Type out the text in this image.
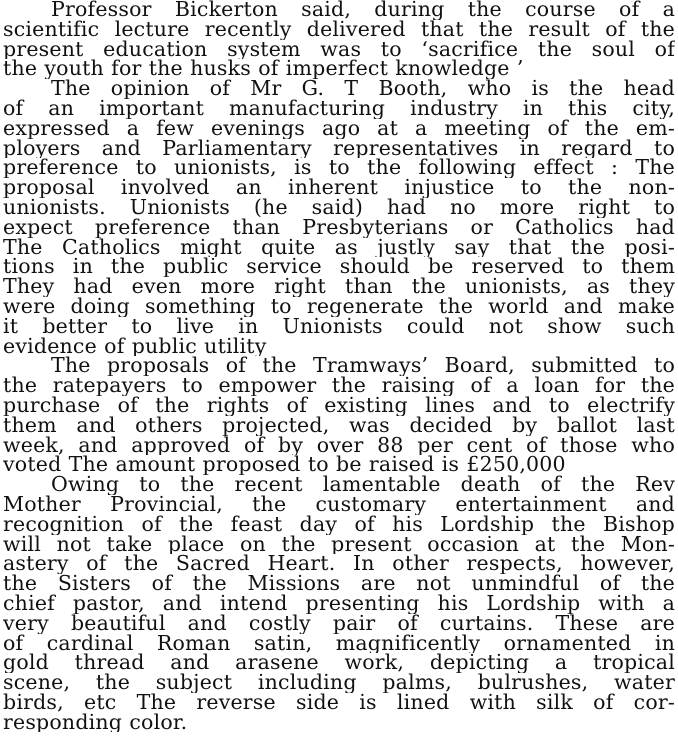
Professor Bickerton said, during the course of a
scientific lecture recently delivered that the result of the
present education system was to ‘sacrifice the soul of
the youth for the husks of imperfect knowledge ’
The opinion of Mr G. T Booth, who is the head
of an important manufacturing industry in this city,
expressed a few evenings ago at a meeting of the em-
ployers and Parliamentary representatives in regard to
preference to unionists, is to the following effect : The
proposal involved an inherent injustice to the non-
unionists. Unionists (he said) had no more right to
expect preference than Presbyterians or Catholics had
The Catholics might quite as justly say that the posi-
tions in the public service should be reserved to them
They had even more right than the unionists, as they
were doing something to regenerate the world and make
it better to live in Unionists could not show such
evidence of public utility
The proposals of the Tramways’ Board, submitted to
the ratepayers to empower the raising of a loan for the
purchase of the rights of existing lines and to electrify
them and others projected, was decided by ballot last
week, and approved of by over 88 per cent of those who
voted The amount proposed to be raised is £250,000
Owing to the recent lamentable death of the Rev
Mother Provincial, the customary entertainment and
recognition of the feast day of his Lordship the Bishop
will not take place on the present occasion at the Mon-
astery of the Sacred Heart. In other respects, however,
the Sisters of the Missions are not unmindful of the
chief pastor, and intend presenting his Lordship with a
very beautiful and costly pair of curtains. These are
of cardinal Roman satin, magnificently ornamented in
gold thread and arasene work, depicting a tropical
scene, the subject including palms, bulrushes, water
birds, etc The reverse side is lined with silk of cor-
responding color.
